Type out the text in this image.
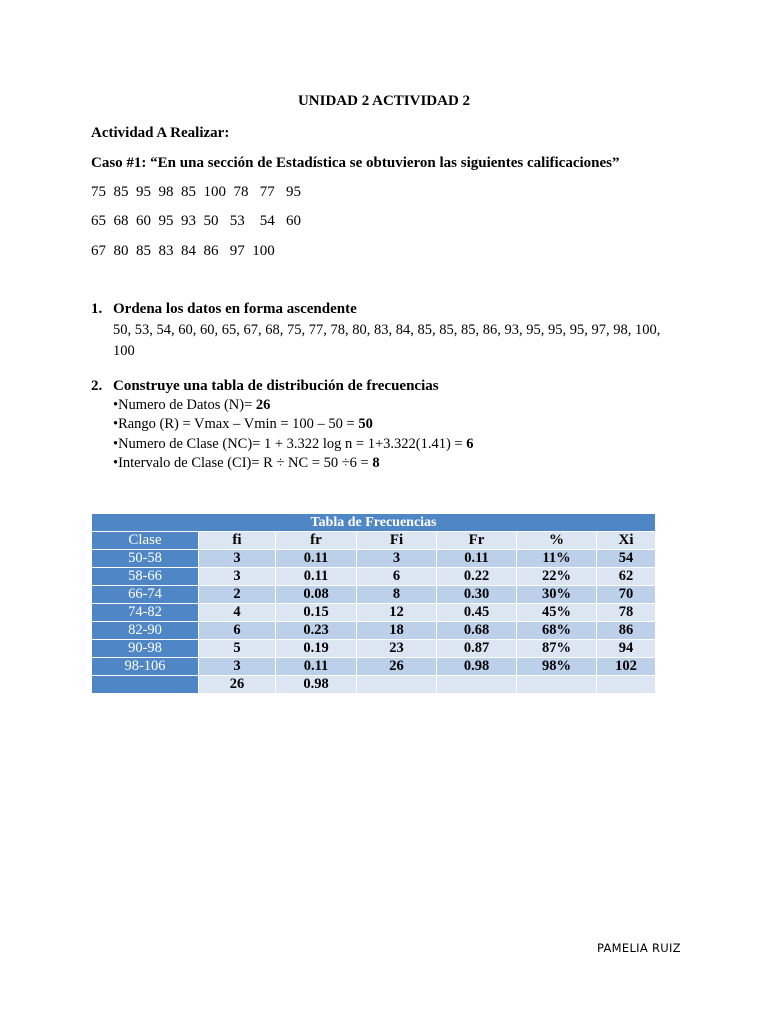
UNIDAD 2 ACTIVIDAD 2
Actividad A Realizar:
Caso #1: “En una sección de Estadística se obtuvieron las siguientes calificaciones”
75  85  95  98  85  100  78   77   95
65  68  60  95  93  50   53    54   60
67  80  85  83  84  86   97  100
1. Ordena los datos en forma ascendente
50, 53, 54, 60, 60, 65, 67, 68, 75, 77, 78, 80, 83, 84, 85, 85, 85, 86, 93, 95, 95, 95, 97, 98, 100, 100
2. Construye una tabla de distribución de frecuencias
•Numero de Datos (N)= 26
•Rango (R) = Vmax – Vmin = 100 – 50 = 50
•Numero de Clase (NC)= 1 + 3.322 log n = 1+3.322(1.41) = 6
•Intervalo de Clase (CI)= R ÷ NC = 50 ÷6 = 8
Tabla de Frecuencias						
Clase	fi	fr	Fi	Fr	%	Xi
50-58	3	0.11	3	0.11	11%	54
58-66	3	0.11	6	0.22	22%	62
66-74	2	0.08	8	0.30	30%	70
74-82	4	0.15	12	0.45	45%	78
82-90	6	0.23	18	0.68	68%	86
90-98	5	0.19	23	0.87	87%	94
98-106	3	0.11	26	0.98	98%	102
	26	0.98				
PAMELIA RUIZ
